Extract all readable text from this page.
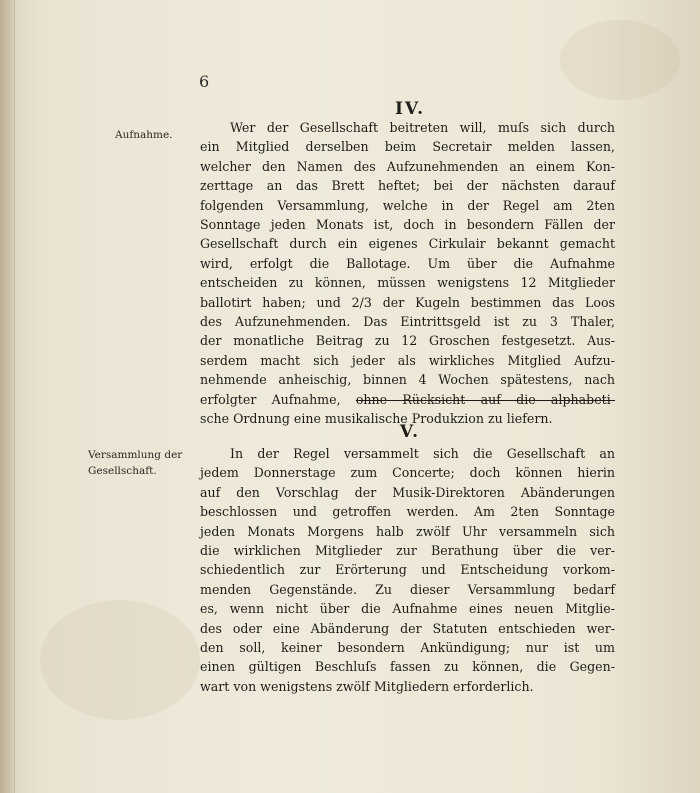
6
IV.
Aufnahme.	Wer der Gesellschaft beitreten will, muſs sich durch
ein Mitglied derselben beim Secretair melden lassen,
welcher den Namen des Aufzunehmenden an einem Kon-
zerttage an das Brett heftet; bei der nächsten darauf
folgenden Versammlung, welche in der Regel am 2ten
Sonntage jeden Monats ist, doch in besondern Fällen der
Gesellschaft durch ein eigenes Cirkulair bekannt gemacht
wird, erfolgt die Ballotage. Um über die Aufnahme
entscheiden zu können, müssen wenigstens 12 Mitglieder
ballotirt haben; und 2/3 der Kugeln bestimmen das Loos
des Aufzunehmenden. Das Eintrittsgeld ist zu 3 Thaler,
der monatliche Beitrag zu 12 Groschen festgesetzt. Aus-
serdem macht sich jeder als wirkliches Mitglied Aufzu-
nehmende anheischig, binnen 4 Wochen spätestens, nach
erfolgter Aufnahme, ohne Rücksicht auf die alphabeti-
sche Ordnung eine musikalische Produkzion zu liefern.
V.
Versammlung der Gesellschaft.
In der Regel versammelt sich die Gesellschaft an
jedem Donnerstage zum Concerte; doch können hierin
auf den Vorschlag der Musik-Direktoren Abänderungen
beschlossen und getroffen werden. Am 2ten Sonntage
jeden Monats Morgens halb zwölf Uhr versammeln sich
die wirklichen Mitglieder zur Berathung über die ver-
schiedentlich zur Erörterung und Entscheidung vorkom-
menden Gegenstände. Zu dieser Versammlung bedarf
es, wenn nicht über die Aufnahme eines neuen Mitglie-
des oder eine Abänderung der Statuten entschieden wer-
den soll, keiner besondern Ankündigung; nur ist um
einen gültigen Beschluſs fassen zu können, die Gegen-
wart von wenigstens zwölf Mitgliedern erforderlich.
